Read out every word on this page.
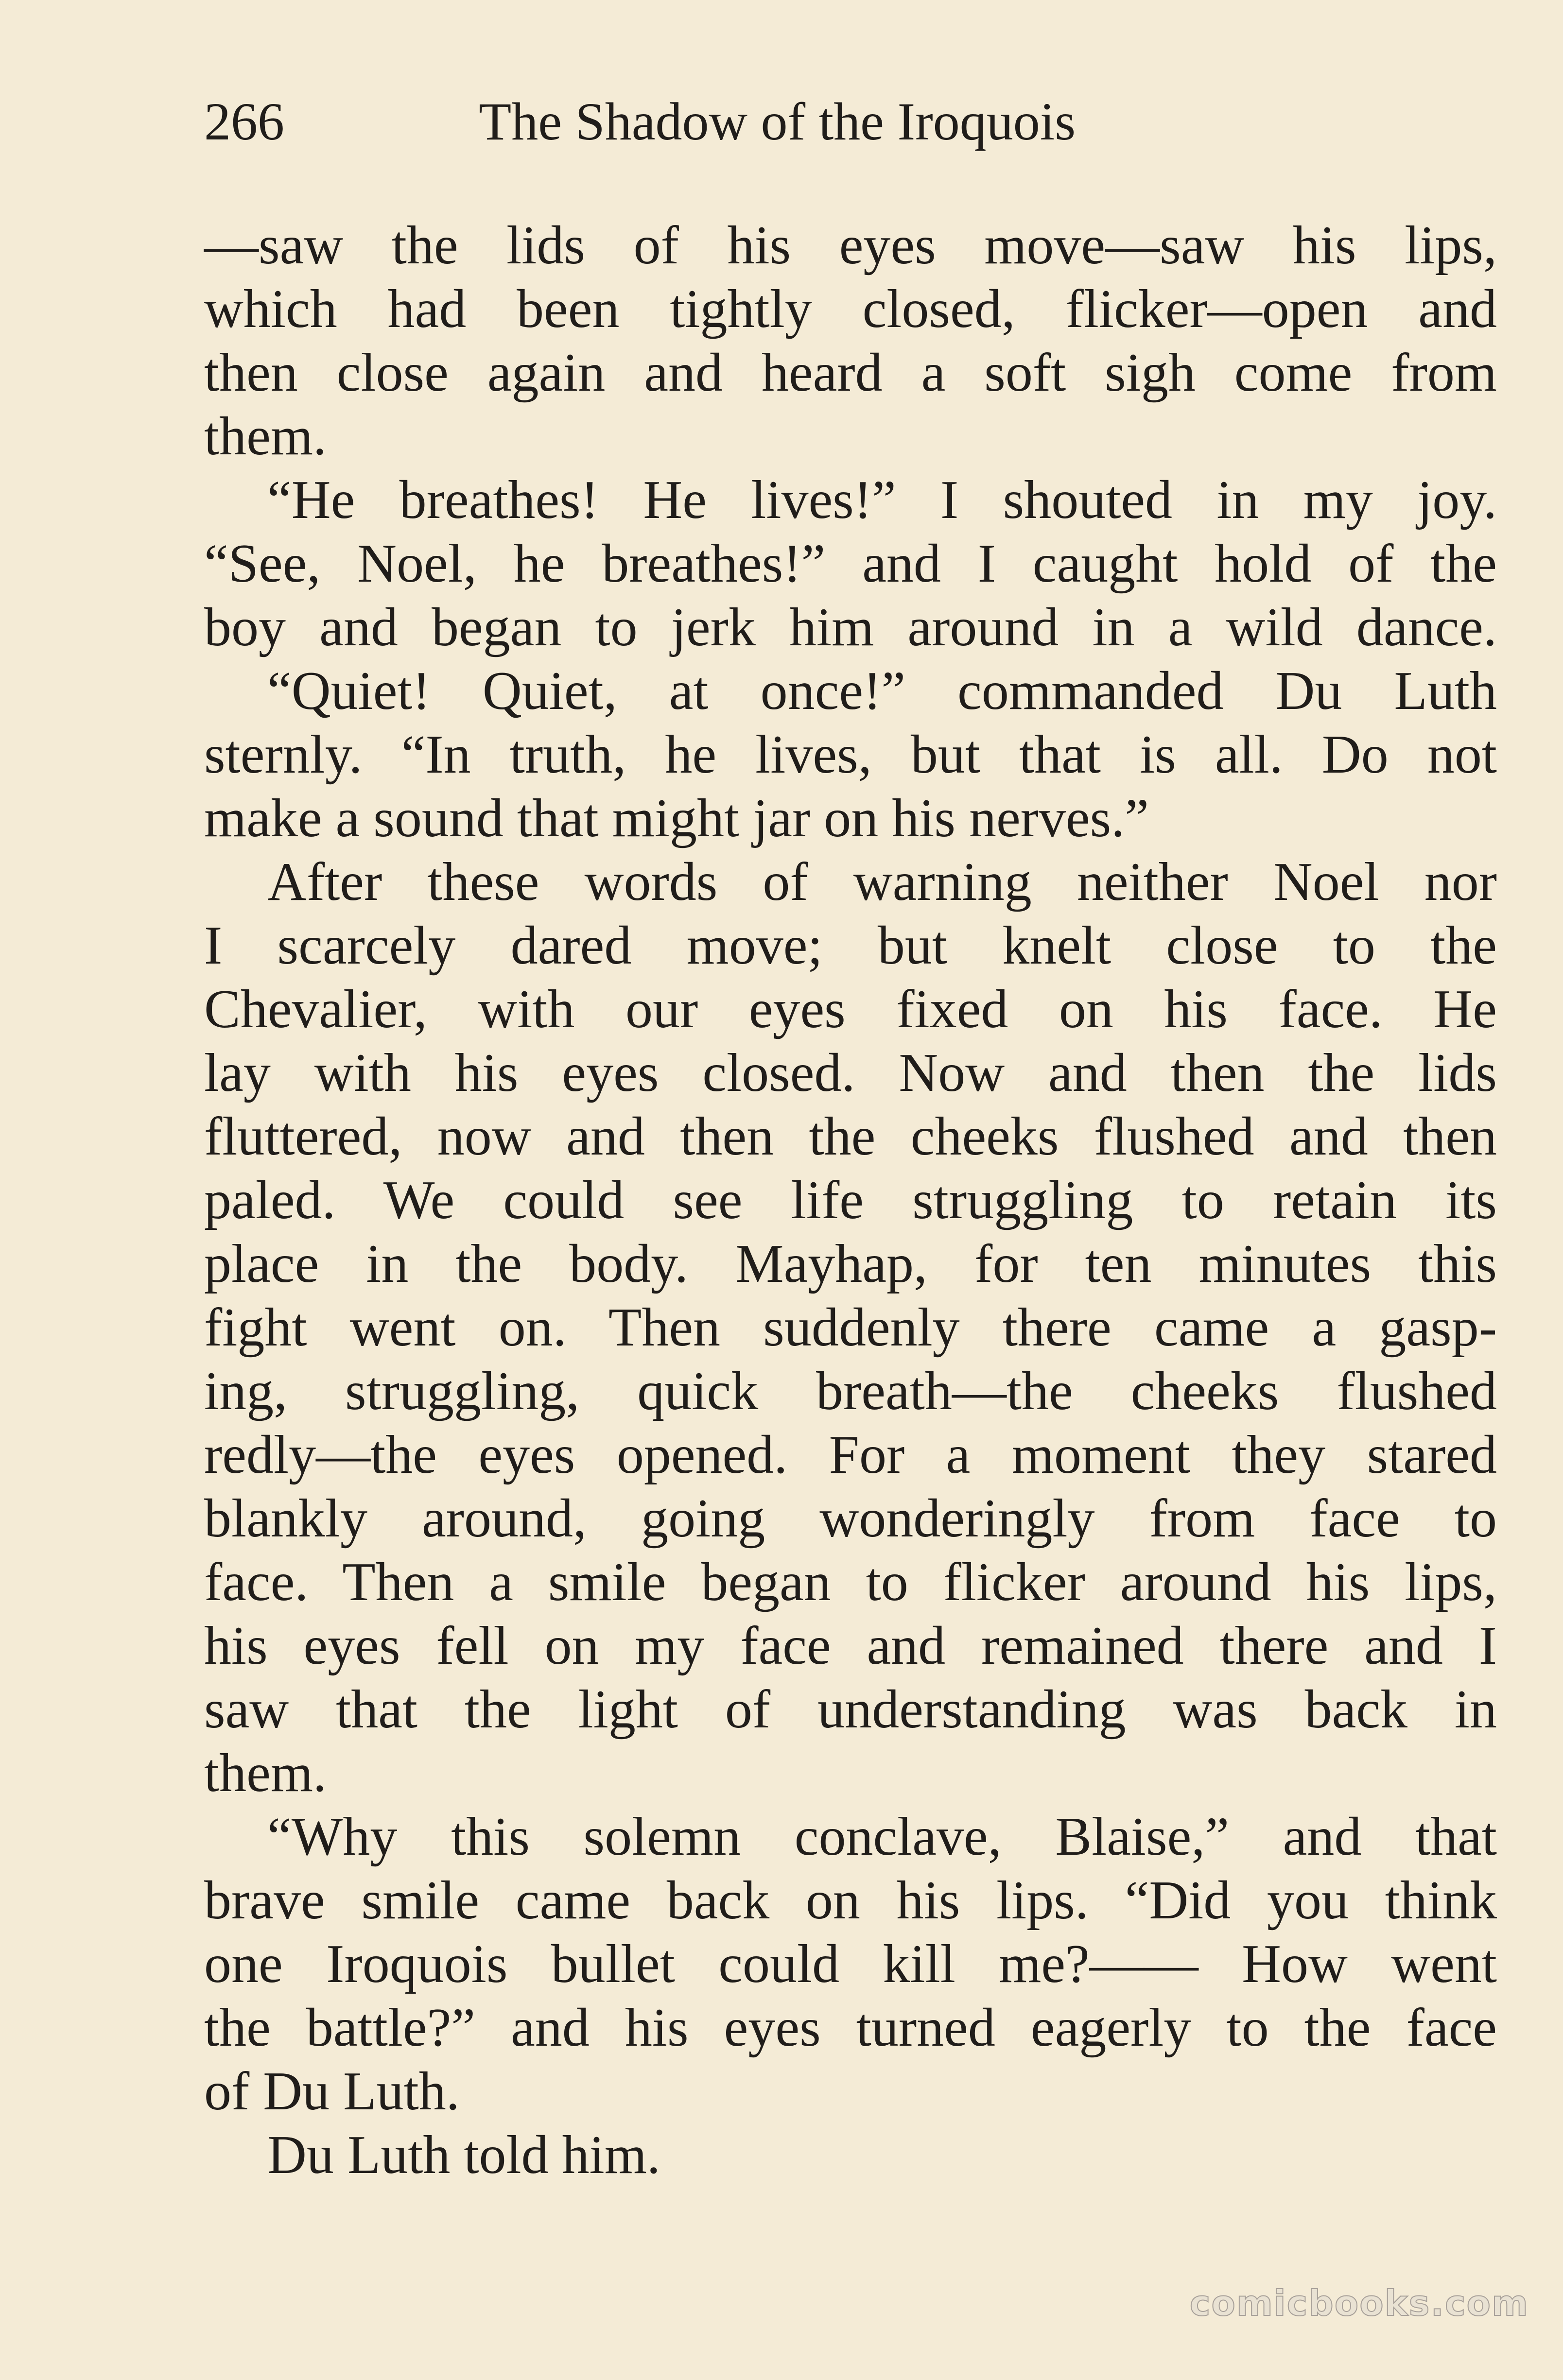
266	The Shadow of the Iroquois
—saw the lids of his eyes move—saw his lips,
which had been tightly closed, flicker—open and
then close again and heard a soft sigh come from
them.
“He breathes! He lives!” I shouted in my joy.
“See, Noel, he breathes!” and I caught hold of the
boy and began to jerk him around in a wild dance.
“Quiet! Quiet, at once!” commanded Du Luth
sternly. “In truth, he lives, but that is all. Do not
make a sound that might jar on his nerves.”
After these words of warning neither Noel nor
I scarcely dared move; but knelt close to the
Chevalier, with our eyes fixed on his face. He
lay with his eyes closed. Now and then the lids
fluttered, now and then the cheeks flushed and then
paled. We could see life struggling to retain its
place in the body. Mayhap, for ten minutes this
fight went on. Then suddenly there came a gasp-
ing, struggling, quick breath—the cheeks flushed
redly—the eyes opened. For a moment they stared
blankly around, going wonderingly from face to
face. Then a smile began to flicker around his lips,
his eyes fell on my face and remained there and I
saw that the light of understanding was back in
them.
“Why this solemn conclave, Blaise,” and that
brave smile came back on his lips. “Did you think
one Iroquois bullet could kill me?—— How went
the battle?” and his eyes turned eagerly to the face
of Du Luth.
Du Luth told him.
comicbooks.com
